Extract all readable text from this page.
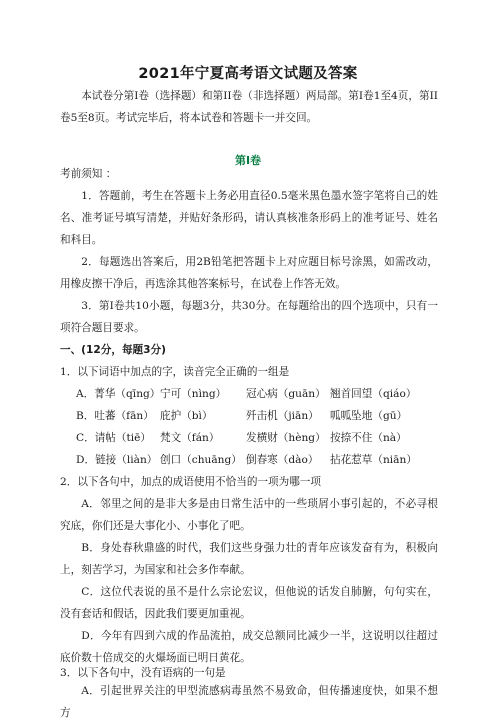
2021年宁夏高考语文试题及答案
本试卷分第Ⅰ卷（选择题）和第II卷（非选择题）两局部。第Ⅰ卷1至4页，第II卷5至8页。考试完毕后，将本试卷和答题卡一并交回。
第Ⅰ卷
考前须知 ：
1．答题前，考生在答题卡上务必用直径0.5毫米黑色墨水签字笔将自己的姓名、准考证号填写清楚，并贴好条形码，请认真核准条形码上的准考证号、姓名和科目。
2．每题选出答案后，用2B铅笔把答题卡上对应题目标号涂黑，如需改动，用橡皮擦干净后，再选涂其他答案标号，在试卷上作答无效。
3．第Ⅰ卷共10小题，每题3分，共30分。在每题给出的四个选项中，只有一项符合题目要求。
一、(12分，每题3分)
1．以下词语中加点的字，读音完全正确的一组是
A．菁华（qīng） 宁可（nìng） 冠心病（guān） 翘首回望（qiáo）
B．吐蕃（fān） 庇护（bì）	歼击机（jiān） 呱呱坠地（gū）
C．请帖（tiē） 梵文（fán）	发横财（hèng） 按捺不住（nà）
D．链接（liàn） 创口（chuāng） 倒春寒（dào） 拈花惹草（niān）
2．以下各句中，加点的成语使用不恰当的一项为哪一项
A．邻里之间的是非大多是由日常生活中的一些琐屑小事引起的，不必寻根究底，你们还是大事化小、小事化了吧。
B．身处春秋鼎盛的时代，我们这些身强力壮的青年应该发奋有为，积极向上，刻苦学习，为国家和社会多作奉献。
C．这位代表说的虽不是什么宗论宏议，但他说的话发自肺腑，句句实在，没有套话和假话，因此我们要更加重视。
D．今年有四到六成的作品流拍，成交总额同比减少一半，这说明以往超过底价数十倍成交的火爆场面已明日黄花。
3．以下各句中，没有语病的一句是
A．引起世界关注的甲型流感病毒虽然不易致命，但传播速度快，如果不想方
